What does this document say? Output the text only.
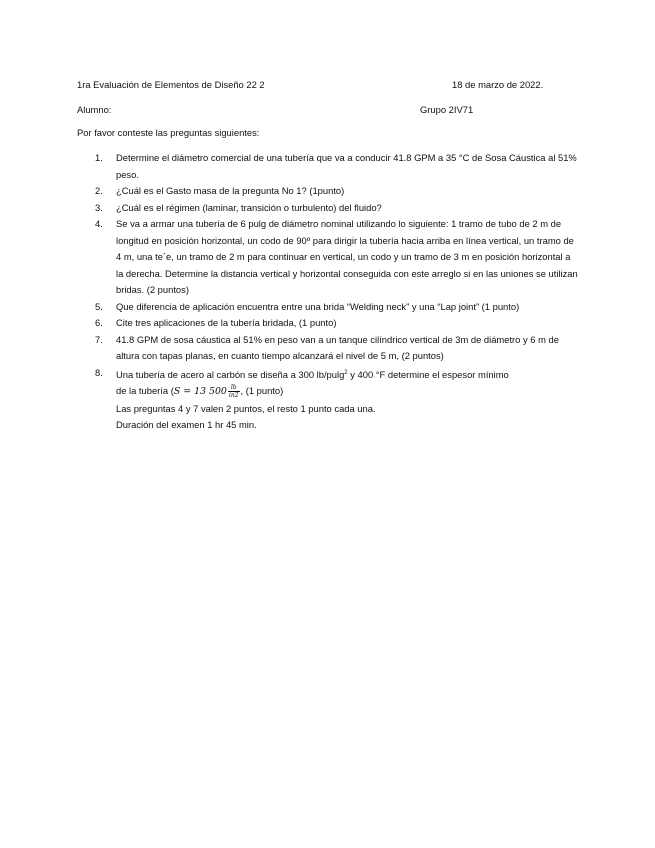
1ra Evaluación de Elementos de Diseño 22 2	18 de marzo de 2022.
Alumno:	Grupo 2IV71
Por favor conteste las preguntas siguientes:
1. Determine el diámetro comercial de una tubería que va a conducir 41.8 GPM a 35 °C de Sosa Cáustica al 51% peso.
2. ¿Cuál es el Gasto masa de la pregunta No 1? (1punto)
3. ¿Cuál es el régimen (laminar, transición o turbulento) del fluido?
4. Se va a armar una tubería de 6 pulg de diámetro nominal utilizando lo siguiente: 1 tramo de tubo de 2 m de longitud en posición horizontal, un codo de 90º para dirigir la tubería hacia arriba en línea vertical, un tramo de 4 m, una te´e, un tramo de 2 m para continuar en vertical, un codo y un tramo de 3 m en posición horizontal a la derecha. Determine la distancia vertical y horizontal conseguida con este arreglo si en las uniones se utilizan bridas. (2 puntos)
5. Que diferencia de aplicación encuentra entre una brida “Welding neck” y una “Lap joint” (1 punto)
6. Cite tres aplicaciones de la tubería bridada, (1 punto)
7. 41.8 GPM de sosa cáustica al 51% en peso van a un tanque cilíndrico vertical de 3m de diámetro y 6 m de altura con tapas planas, en cuanto tiempo alcanzará el nivel de 5 m, (2 puntos)
8. Una tubería de acero al carbón se diseña a 300 lb/pulg$^2$ y 400 °F determine el espesor mínimo
de la tubería (S = 13 $500 \frac{lb}{in2}$ , (1 punto)
Las preguntas 4 y 7 valen 2 puntos, el resto 1 punto cada una.
Duración del examen 1 hr 45 min.
